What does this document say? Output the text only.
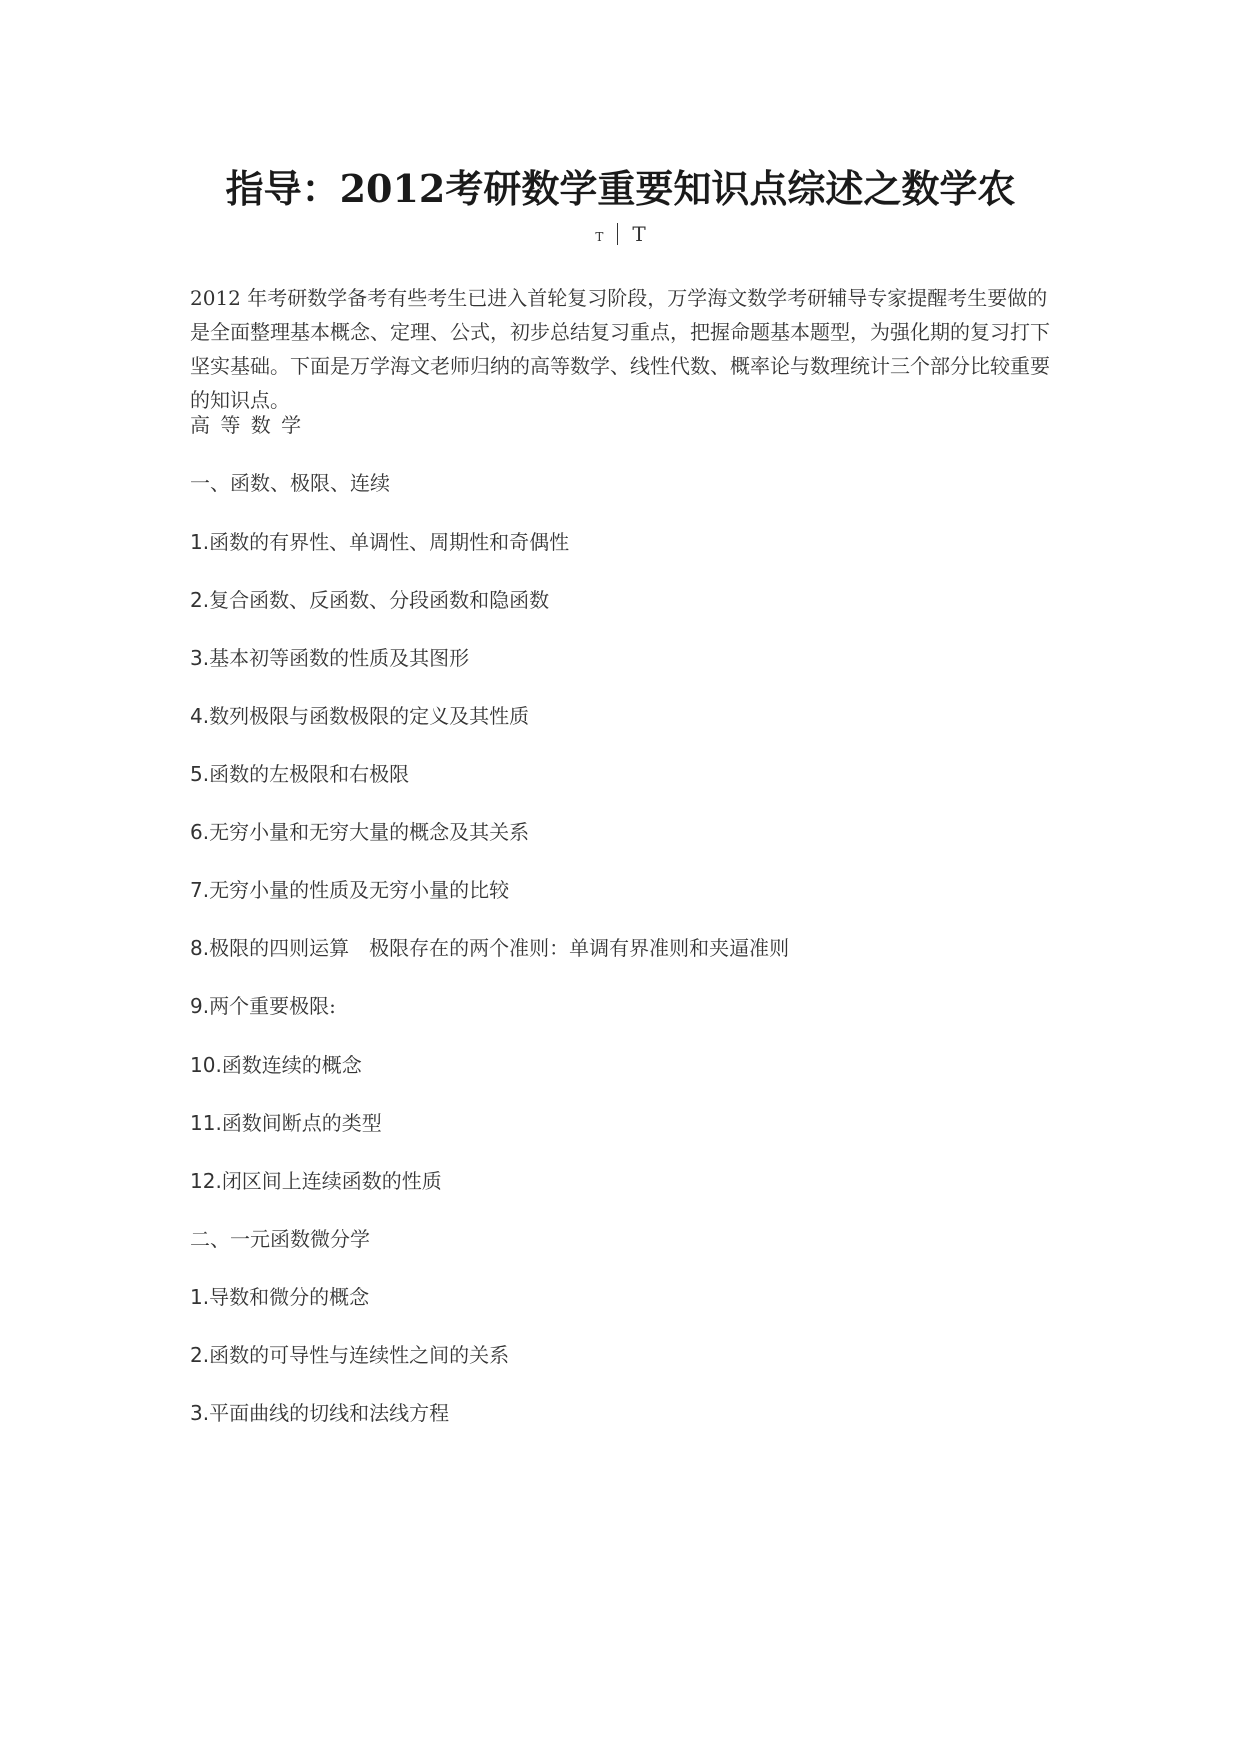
指导：2012考研数学重要知识点综述之数学农
T T

2012 年考研数学备考有些考生已进入首轮复习阶段，万学海文数学考研辅导专家提醒考生要做的是全面整理基本概念、定理、公式，初步总结复习重点，把握命题基本题型，为强化期的复习打下坚实基础。下面是万学海文老师归纳的高等数学、线性代数、概率论与数理统计三个部分比较重要的知识点。

高 等 数 学

一、函数、极限、连续

1.函数的有界性、单调性、周期性和奇偶性

2.复合函数、反函数、分段函数和隐函数

3.基本初等函数的性质及其图形

4.数列极限与函数极限的定义及其性质

5.函数的左极限和右极限

6.无穷小量和无穷大量的概念及其关系

7.无穷小量的性质及无穷小量的比较

8.极限的四则运算　极限存在的两个准则：单调有界准则和夹逼准则

9.两个重要极限:

10.函数连续的概念

11.函数间断点的类型

12.闭区间上连续函数的性质

二、一元函数微分学

1.导数和微分的概念

2.函数的可导性与连续性之间的关系

3.平面曲线的切线和法线方程
